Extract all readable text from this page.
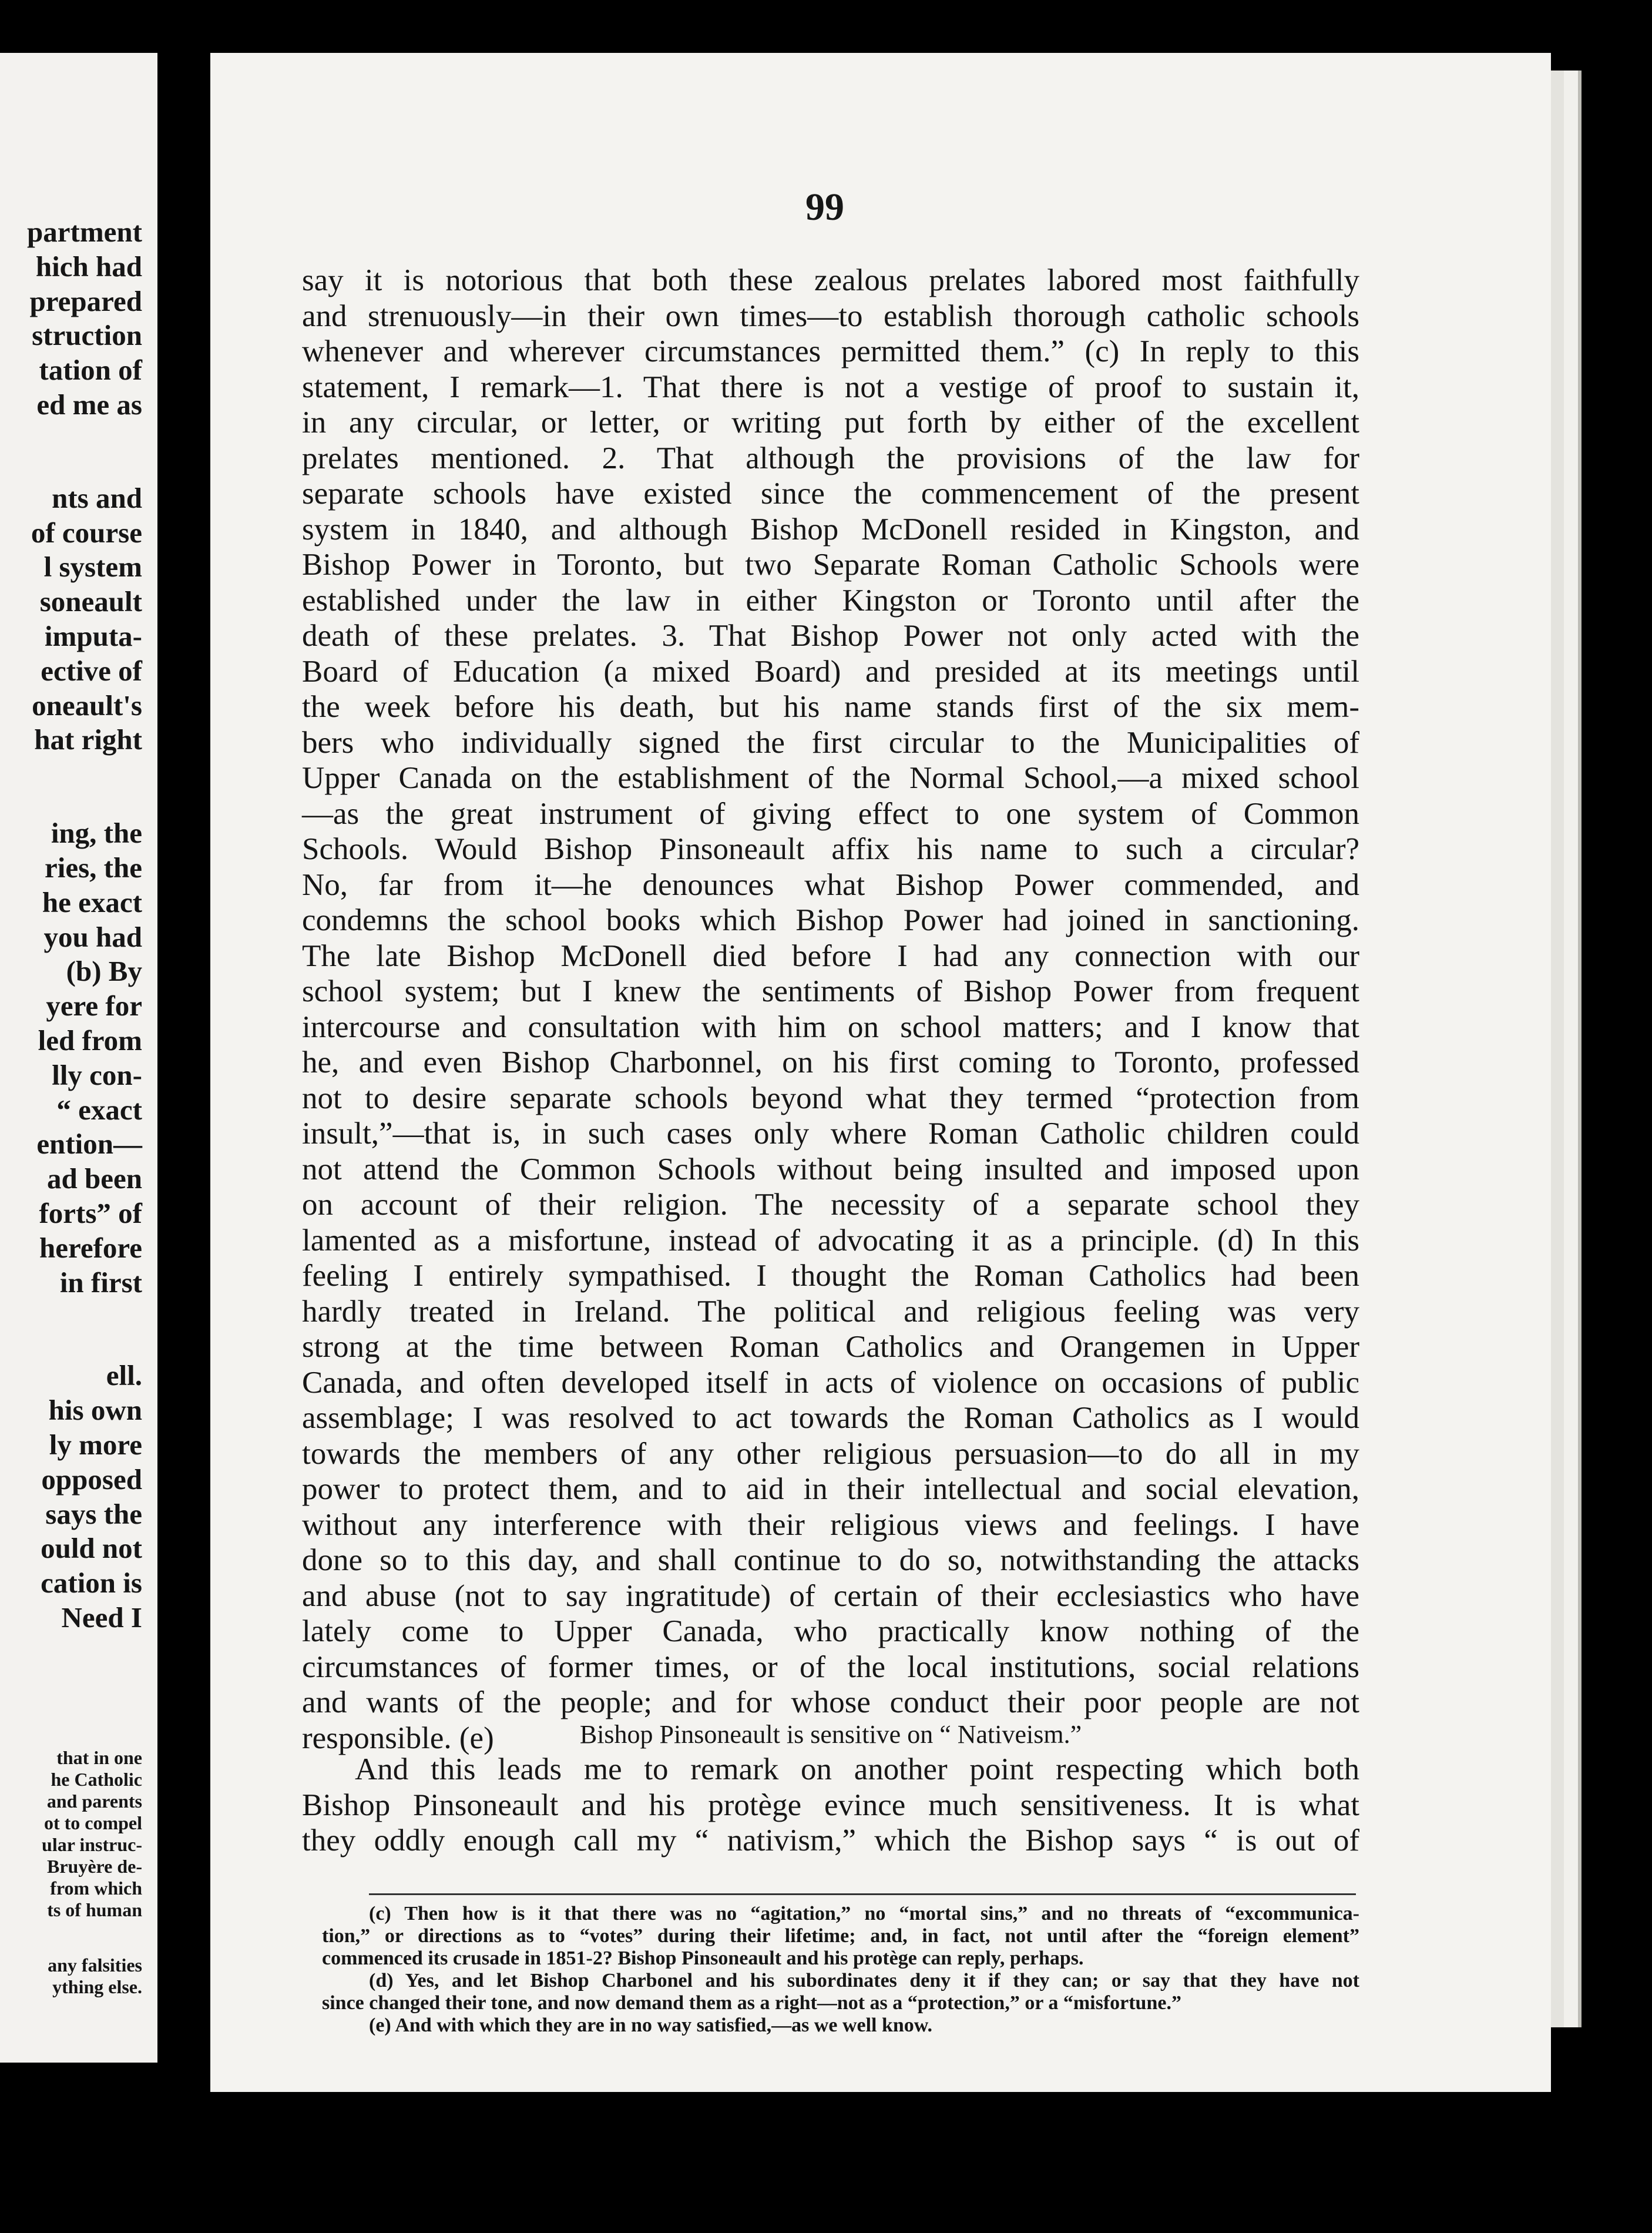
partment
hich had
prepared
struction
tation of
ed me as
nts and
of course
l system
soneault
imputa-
ective of
oneault's
hat right
ing, the
ries, the
he exact
you had
(b) By
yere for
led from
lly con-
“ exact
ention—
ad been
forts” of
herefore
in first
ell.
his own
ly more
opposed
says the
ould not
cation is
Need I
that in one
he Catholic
and parents
ot to compel
ular instruc-
Bruyère de-
from which
ts of human
any falsities
ything else.
99

say it is notorious that both these zealous prelates labored most faithfully

and strenuously—in their own times—to establish thorough catholic schools

whenever and wherever circumstances permitted them.” (c) In reply to this

statement, I remark—1. That there is not a vestige of proof to sustain it,

in any circular, or letter, or writing put forth by either of the excellent

prelates mentioned. 2. That although the provisions of the law for

separate schools have existed since the commencement of the present

system in 1840, and although Bishop McDonell resided in Kingston, and

Bishop Power in Toronto, but two Separate Roman Catholic Schools were

established under the law in either Kingston or Toronto until after the

death of these prelates. 3. That Bishop Power not only acted with the

Board of Education (a mixed Board) and presided at its meetings until

the week before his death, but his name stands first of the six mem-

bers who individually signed the first circular to the Municipalities of

Upper Canada on the establishment of the Normal School,—a mixed school

—as the great instrument of giving effect to one system of Common

Schools. Would Bishop Pinsoneault affix his name to such a circular?

No, far from it—he denounces what Bishop Power commended, and

condemns the school books which Bishop Power had joined in sanctioning.

The late Bishop McDonell died before I had any connection with our

school system; but I knew the sentiments of Bishop Power from frequent

intercourse and consultation with him on school matters; and I know that

he, and even Bishop Charbonnel, on his first coming to Toronto, professed

not to desire separate schools beyond what they termed “protection from

insult,”—that is, in such cases only where Roman Catholic children could

not attend the Common Schools without being insulted and imposed upon

on account of their religion. The necessity of a separate school they

lamented as a misfortune, instead of advocating it as a principle. (d) In this

feeling I entirely sympathised. I thought the Roman Catholics had been

hardly treated in Ireland. The political and religious feeling was very

strong at the time between Roman Catholics and Orangemen in Upper

Canada, and often developed itself in acts of violence on occasions of public

assemblage; I was resolved to act towards the Roman Catholics as I would

towards the members of any other religious persuasion—to do all in my

power to protect them, and to aid in their intellectual and social elevation,

without any interference with their religious views and feelings. I have

done so to this day, and shall continue to do so, notwithstanding the attacks

and abuse (not to say ingratitude) of certain of their ecclesiastics who have

lately come to Upper Canada, who practically know nothing of the

circumstances of former times, or of the local institutions, social relations

and wants of the people; and for whose conduct their poor people are not

responsible. (e)	Bishop Pinsoneault is sensitive on “ Nativeism.”

And this leads me to remark on another point respecting which both

Bishop Pinsoneault and his protège evince much sensitiveness. It is what

they oddly enough call my “ nativism,” which the Bishop says “ is out of

(c) Then how is it that there was no “agitation,” no “mortal sins,” and no threats of “excommunica-

tion,” or directions as to “votes” during their lifetime; and, in fact, not until after the “foreign element”

commenced its crusade in 1851-2? Bishop Pinsoneault and his protège can reply, perhaps.

(d) Yes, and let Bishop Charbonel and his subordinates deny it if they can; or say that they have not

since changed their tone, and now demand them as a right—not as a “protection,” or a “misfortune.”

(e) And with which they are in no way satisfied,—as we well know.
